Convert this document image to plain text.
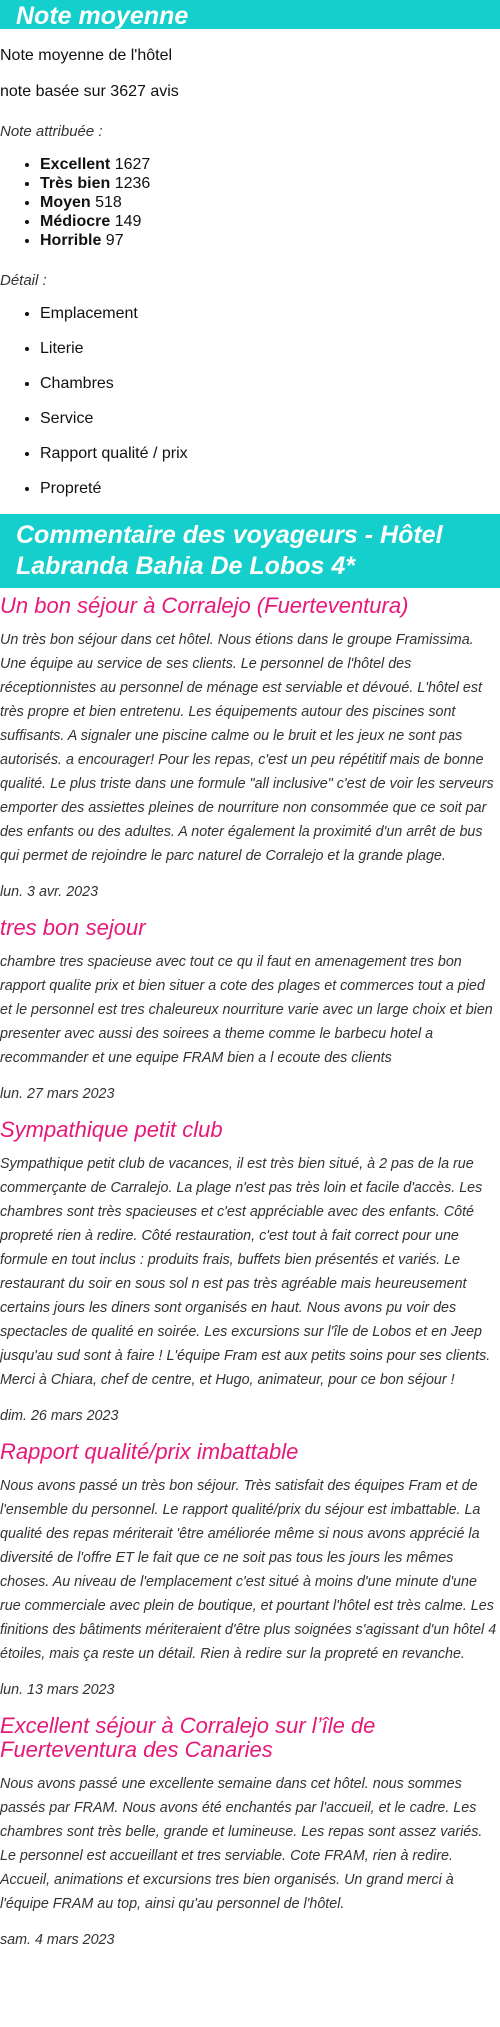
Note moyenne

Note moyenne de l'hôtel

note basée sur 3627 avis

Note attribuée :

• Excellent 1627
• Très bien 1236
• Moyen 518
• Médiocre 149
• Horrible 97

Détail :

• Emplacement
• Literie
• Chambres
• Service
• Rapport qualité / prix
• Propreté
Commentaire des voyageurs - Hôtel Labranda Bahia De Lobos 4*
Un bon séjour à Corralejo (Fuerteventura)

Un très bon séjour dans cet hôtel. Nous étions dans le groupe Framissima. Une équipe au service de ses clients. Le personnel de l'hôtel des réceptionnistes au personnel de ménage est serviable et dévoué. L'hôtel est très propre et bien entretenu. Les équipements autour des piscines sont suffisants. A signaler une piscine calme ou le bruit et les jeux ne sont pas autorisés. a encourager! Pour les repas, c'est un peu répétitif mais de bonne qualité. Le plus triste dans une formule "all inclusive" c'est de voir les serveurs emporter des assiettes pleines de nourriture non consommée que ce soit par des enfants ou des adultes. A noter également la proximité d'un arrêt de bus qui permet de rejoindre le parc naturel de Corralejo et la grande plage.

lun. 3 avr. 2023

tres bon sejour

chambre tres spacieuse avec tout ce qu il faut en amenagement tres bon rapport qualite prix et bien situer a cote des plages et commerces tout a pied et le personnel est tres chaleureux nourriture varie avec un large choix et bien presenter avec aussi des soirees a theme comme le barbecu hotel a recommander et une equipe FRAM bien a l ecoute des clients

lun. 27 mars 2023

Sympathique petit club

Sympathique petit club de vacances, il est très bien situé, à 2 pas de la rue commerçante de Carralejo. La plage n'est pas très loin et facile d'accès. Les chambres sont très spacieuses et c'est appréciable avec des enfants. Côté propreté rien à redire. Côté restauration, c'est tout à fait correct pour une formule en tout inclus : produits frais, buffets bien présentés et variés. Le restaurant du soir en sous sol n est pas très agréable mais heureusement certains jours les diners sont organisés en haut. Nous avons pu voir des spectacles de qualité en soirée. Les excursions sur l'île de Lobos et en Jeep jusqu'au sud sont à faire ! L'équipe Fram est aux petits soins pour ses clients. Merci à Chiara, chef de centre, et Hugo, animateur, pour ce bon séjour !

dim. 26 mars 2023

Rapport qualité/prix imbattable

Nous avons passé un très bon séjour. Très satisfait des équipes Fram et de l'ensemble du personnel. Le rapport qualité/prix du séjour est imbattable. La qualité des repas mériterait 'être améliorée même si nous avons apprécié la diversité de l'offre ET le fait que ce ne soit pas tous les jours les mêmes choses. Au niveau de l'emplacement c'est situé à moins d'une minute d'une rue commerciale avec plein de boutique, et pourtant l'hôtel est très calme. Les finitions des bâtiments mériteraient d'être plus soignées s'agissant d'un hôtel 4 étoiles, mais ça reste un détail. Rien à redire sur la propreté en revanche.

lun. 13 mars 2023

Excellent séjour à Corralejo sur l’île de Fuerteventura des Canaries

Nous avons passé une excellente semaine dans cet hôtel. nous sommes passés par FRAM. Nous avons été enchantés par l'accueil, et le cadre. Les chambres sont très belle, grande et lumineuse. Les repas sont assez variés. Le personnel est accueillant et tres serviable. Cote FRAM, rien à redire. Accueil, animations et excursions tres bien organisés. Un grand merci à l'équipe FRAM au top, ainsi qu'au personnel de l'hôtel.

sam. 4 mars 2023
